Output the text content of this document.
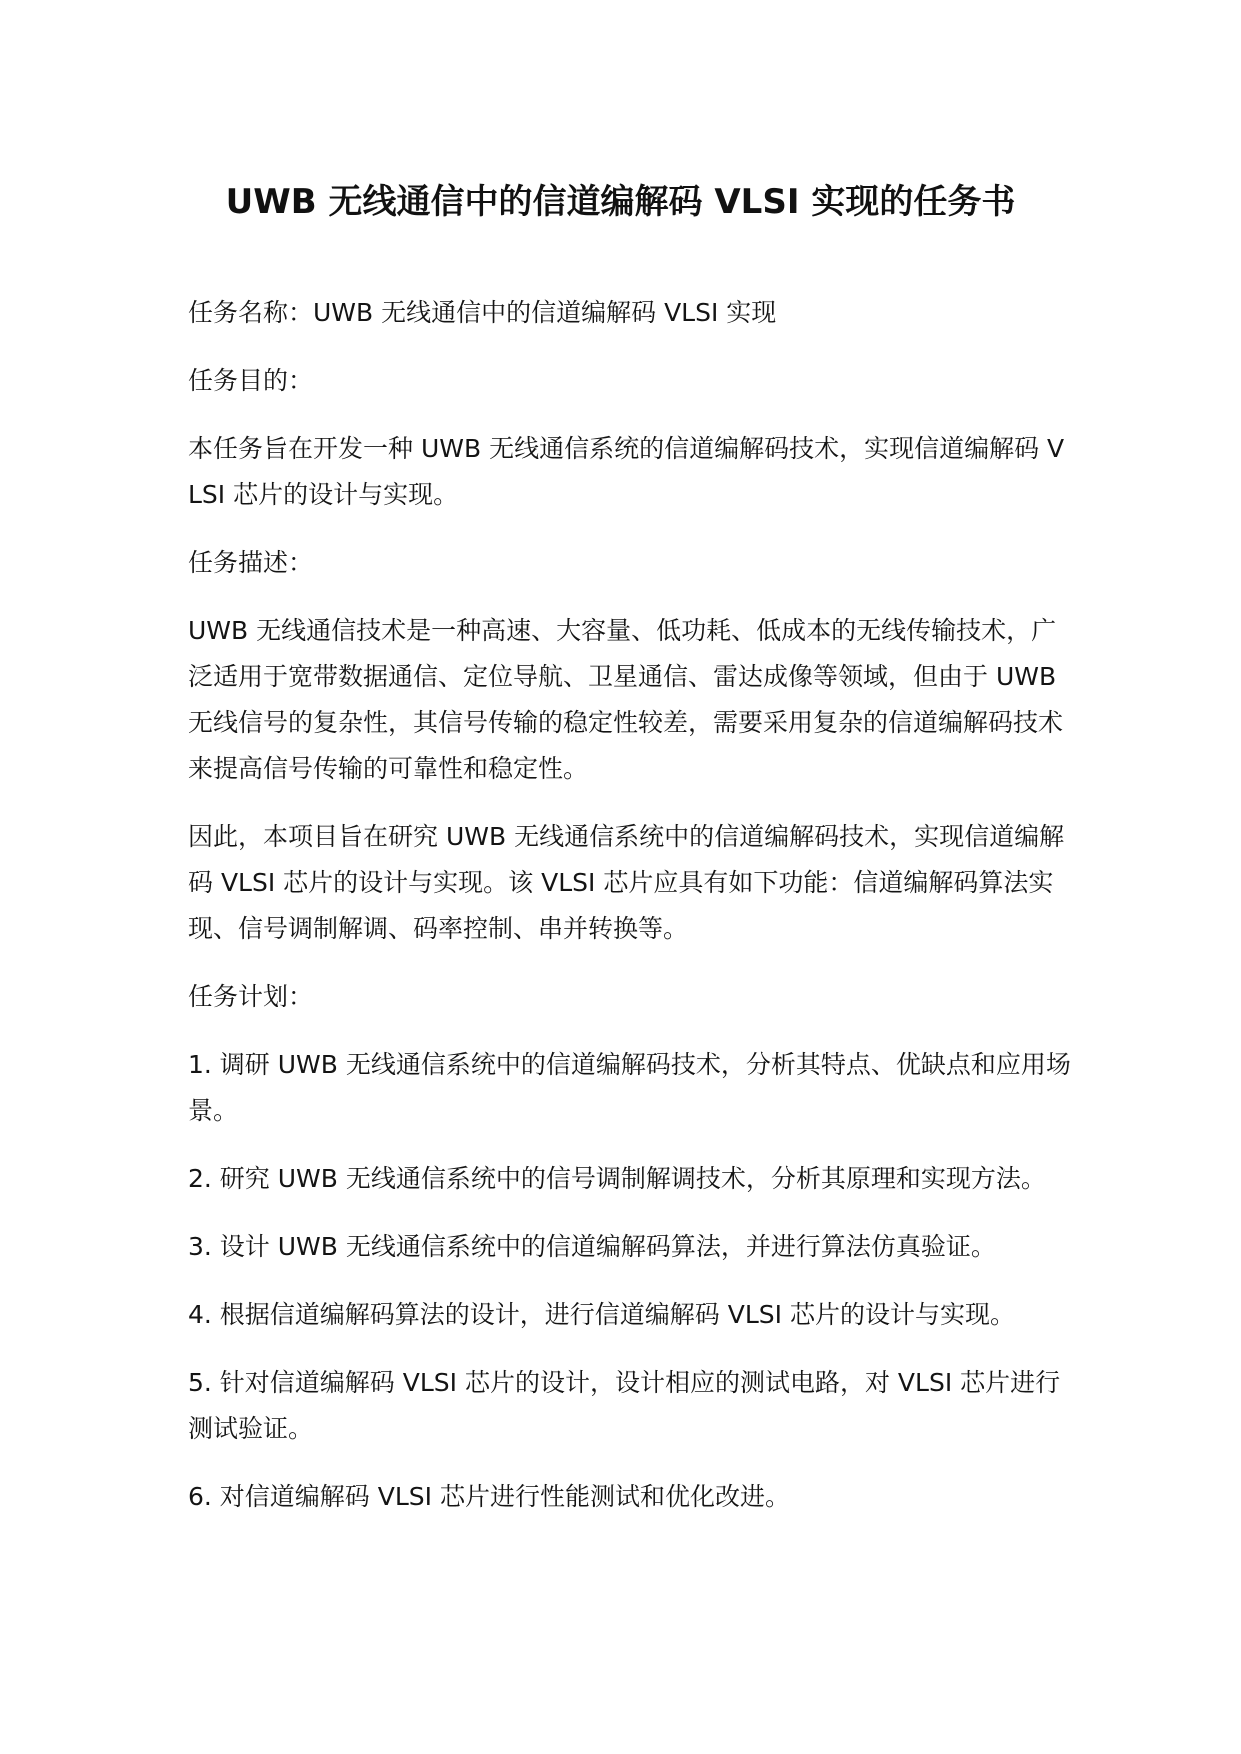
UWB 无线通信中的信道编解码 VLSI 实现的任务书

任务名称：UWB 无线通信中的信道编解码 VLSI 实现

任务目的：

本任务旨在开发一种 UWB 无线通信系统的信道编解码技术，实现信道编解码 VLSI 芯片的设计与实现。

任务描述：

UWB 无线通信技术是一种高速、大容量、低功耗、低成本的无线传输技术，广泛适用于宽带数据通信、定位导航、卫星通信、雷达成像等领域，但由于 UWB 无线信号的复杂性，其信号传输的稳定性较差，需要采用复杂的信道编解码技术来提高信号传输的可靠性和稳定性。

因此，本项目旨在研究 UWB 无线通信系统中的信道编解码技术，实现信道编解码 VLSI 芯片的设计与实现。该 VLSI 芯片应具有如下功能：信道编解码算法实现、信号调制解调、码率控制、串并转换等。

任务计划：

1. 调研 UWB 无线通信系统中的信道编解码技术，分析其特点、优缺点和应用场景。

2. 研究 UWB 无线通信系统中的信号调制解调技术，分析其原理和实现方法。

3. 设计 UWB 无线通信系统中的信道编解码算法，并进行算法仿真验证。

4. 根据信道编解码算法的设计，进行信道编解码 VLSI 芯片的设计与实现。

5. 针对信道编解码 VLSI 芯片的设计，设计相应的测试电路，对 VLSI 芯片进行测试验证。

6. 对信道编解码 VLSI 芯片进行性能测试和优化改进。
